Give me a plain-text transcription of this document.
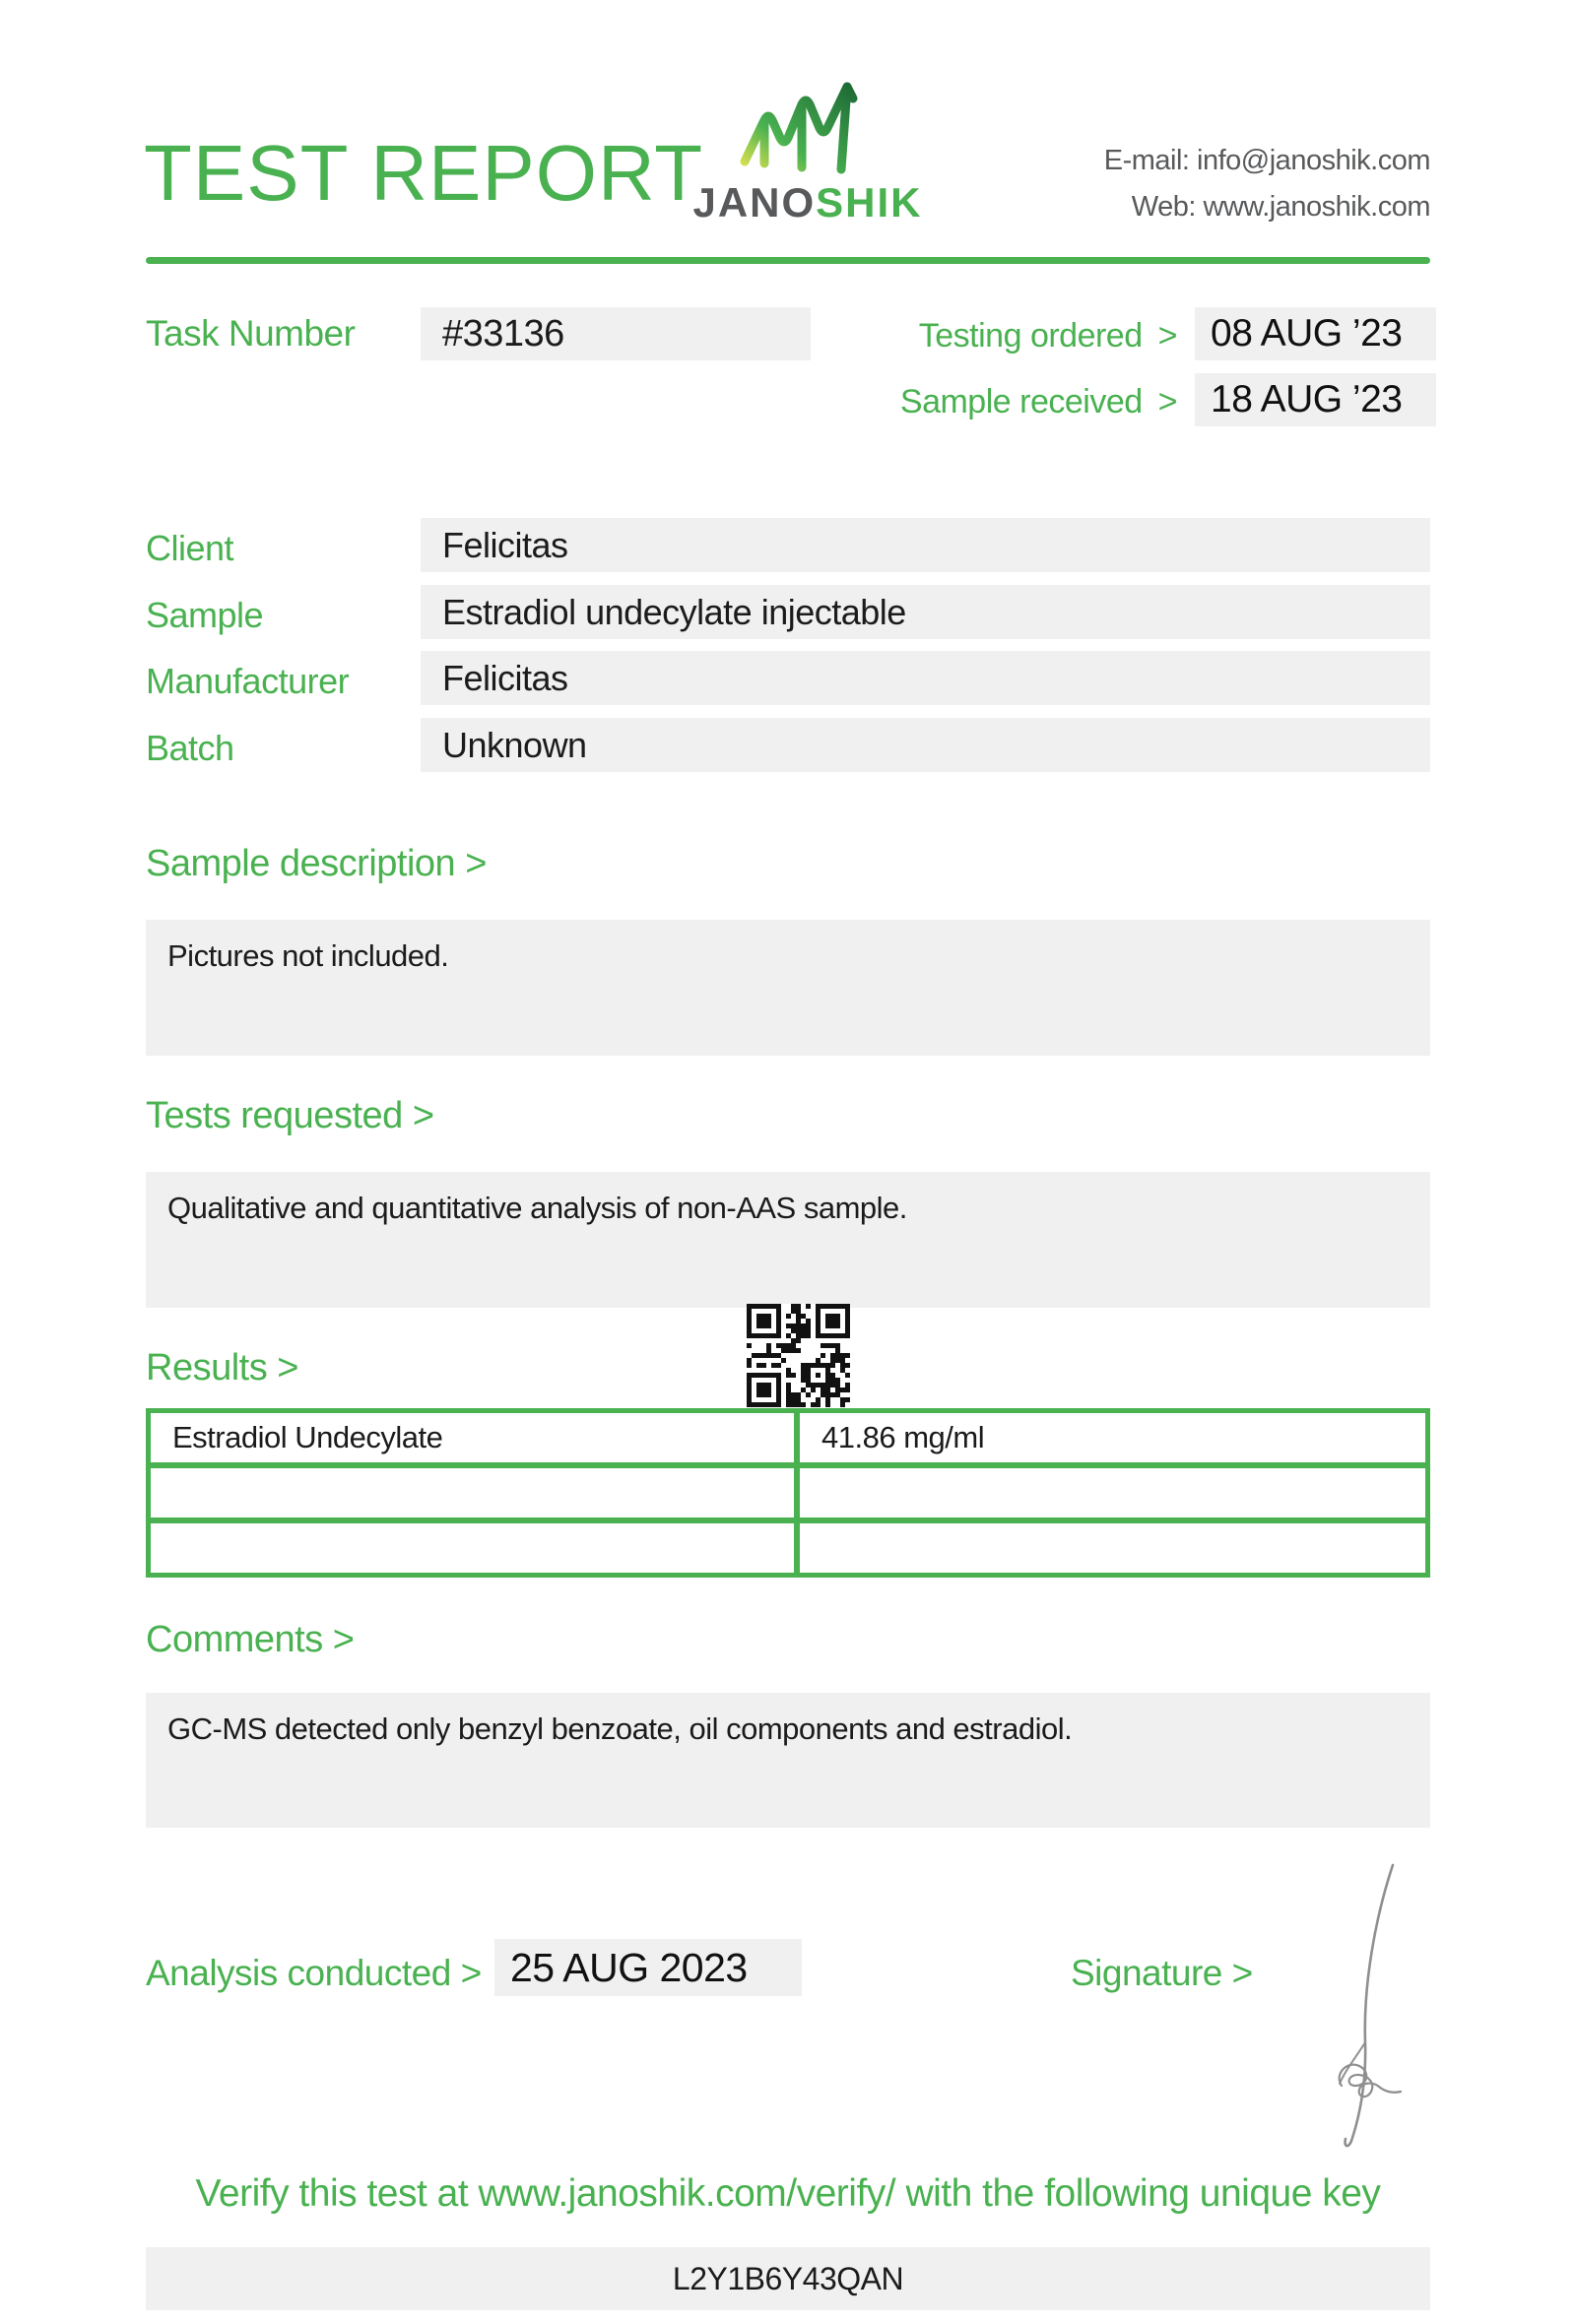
TEST REPORT
JANOSHIK
E-mail: info@janoshik.com
Web: www.janoshik.com
Task Number	#33136	Testing ordered > 08 AUG ’23
Sample received > 18 AUG ’23
Client	Felicitas
Sample	Estradiol undecylate injectable
Manufacturer	Felicitas
Batch	Unknown
Sample description >
Pictures not included.
Tests requested >
Qualitative and quantitative analysis of non-AAS sample.
Results >
Estradiol Undecylate	41.86 mg/ml
Comments >
GC-MS detected only benzyl benzoate, oil components and estradiol.
Analysis conducted > 25 AUG 2023	Signature >
Verify this test at www.janoshik.com/verify/ with the following unique key
L2Y1B6Y43QAN
